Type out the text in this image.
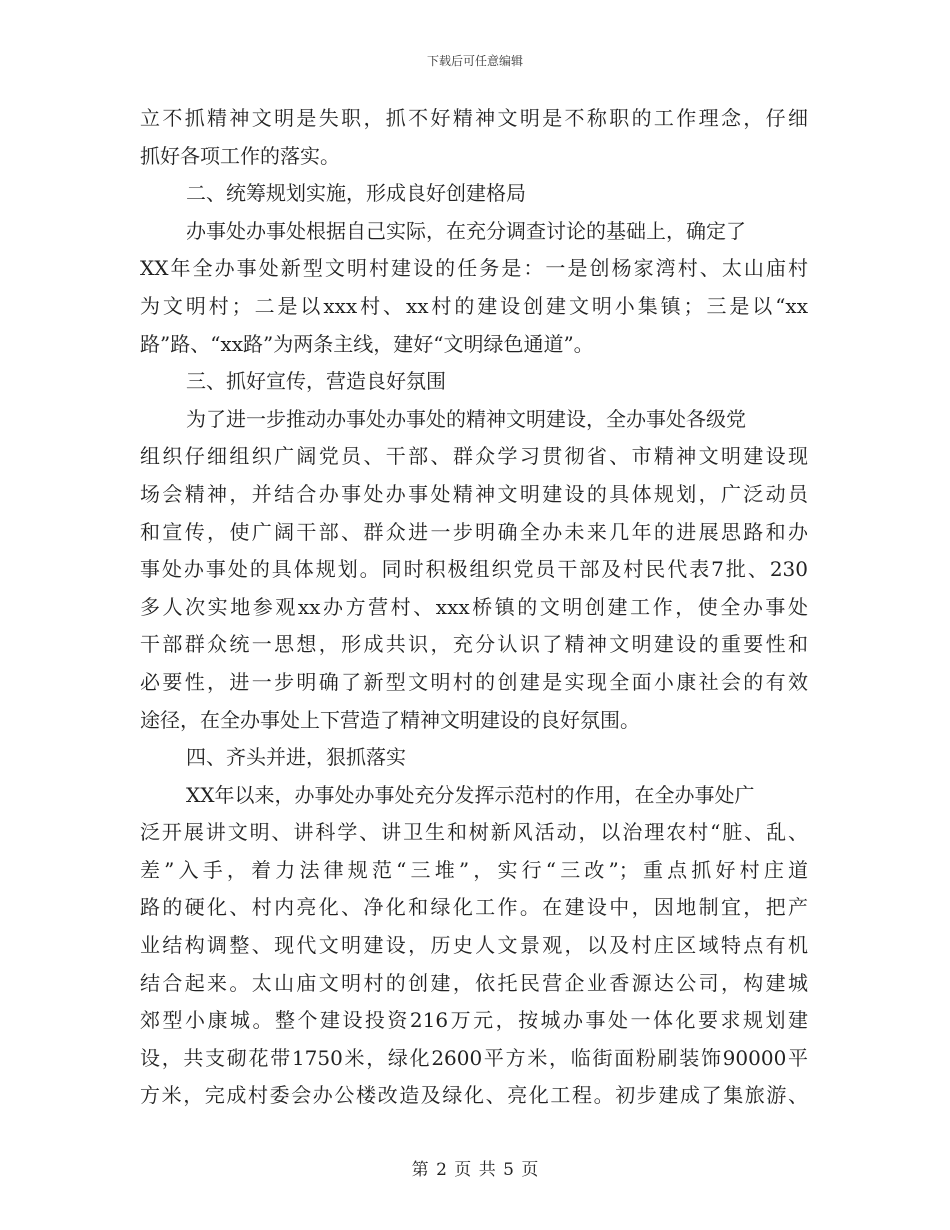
下载后可任意编辑
立不抓精神文明是失职，抓不好精神文明是不称职的工作理念，仔细
抓好各项工作的落实。
二、统筹规划实施，形成良好创建格局
办事处办事处根据自己实际，在充分调查讨论的基础上，确定了
XX年全办事处新型文明村建设的任务是：一是创杨家湾村、太山庙村
为文明村；二是以xxx村、xx村的建设创建文明小集镇；三是以“xx
路”路、“xx路”为两条主线，建好“文明绿色通道”。
三、抓好宣传，营造良好氛围
为了进一步推动办事处办事处的精神文明建设，全办事处各级党
组织仔细组织广阔党员、干部、群众学习贯彻省、市精神文明建设现
场会精神，并结合办事处办事处精神文明建设的具体规划，广泛动员
和宣传，使广阔干部、群众进一步明确全办未来几年的进展思路和办
事处办事处的具体规划。同时积极组织党员干部及村民代表7批、230
多人次实地参观xx办方营村、xxx桥镇的文明创建工作，使全办事处
干部群众统一思想，形成共识，充分认识了精神文明建设的重要性和
必要性，进一步明确了新型文明村的创建是实现全面小康社会的有效
途径，在全办事处上下营造了精神文明建设的良好氛围。
四、齐头并进，狠抓落实
XX年以来，办事处办事处充分发挥示范村的作用，在全办事处广
泛开展讲文明、讲科学、讲卫生和树新风活动，以治理农村“脏、乱、
差”入手，着力法律规范“三堆”，实行“三改”；重点抓好村庄道
路的硬化、村内亮化、净化和绿化工作。在建设中，因地制宜，把产
业结构调整、现代文明建设，历史人文景观，以及村庄区域特点有机
结合起来。太山庙文明村的创建，依托民营企业香源达公司，构建城
郊型小康城。整个建设投资216万元，按城办事处一体化要求规划建
设，共支砌花带1750米，绿化2600平方米，临街面粉刷装饰90000平
方米，完成村委会办公楼改造及绿化、亮化工程。初步建成了集旅游、
第 2 页 共 5 页
